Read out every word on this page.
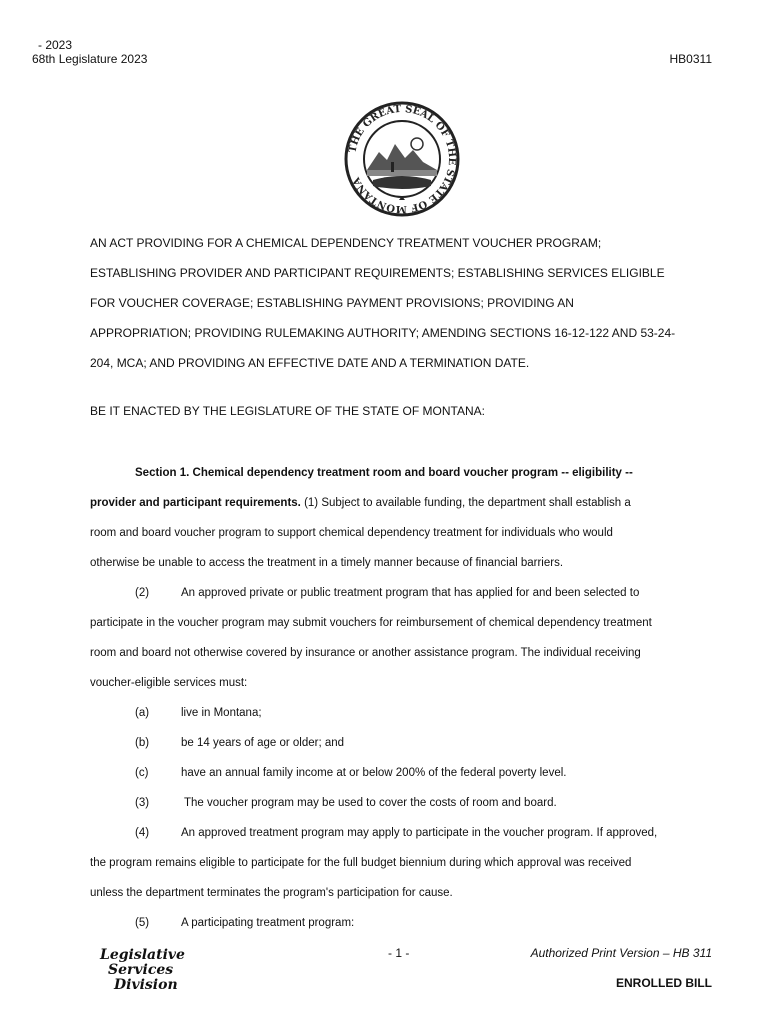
- 2023
68th Legislature 2023	HB0311
THE GREAT SEAL OF THE STATE OF MONTANA
AN ACT PROVIDING FOR A CHEMICAL DEPENDENCY TREATMENT VOUCHER PROGRAM;
ESTABLISHING PROVIDER AND PARTICIPANT REQUIREMENTS; ESTABLISHING SERVICES ELIGIBLE
FOR VOUCHER COVERAGE; ESTABLISHING PAYMENT PROVISIONS; PROVIDING AN
APPROPRIATION; PROVIDING RULEMAKING AUTHORITY; AMENDING SECTIONS 16-12-122 AND 53-24-
204, MCA; AND PROVIDING AN EFFECTIVE DATE AND A TERMINATION DATE.
BE IT ENACTED BY THE LEGISLATURE OF THE STATE OF MONTANA:
Section 1. Chemical dependency treatment room and board voucher program -- eligibility --
provider and participant requirements. (1) Subject to available funding, the department shall establish a
room and board voucher program to support chemical dependency treatment for individuals who would
otherwise be unable to access the treatment in a timely manner because of financial barriers.
(2)	An approved private or public treatment program that has applied for and been selected to
participate in the voucher program may submit vouchers for reimbursement of chemical dependency treatment
room and board not otherwise covered by insurance or another assistance program. The individual receiving
voucher-eligible services must:
(a)	live in Montana;
(b)	be 14 years of age or older; and
(c)	have an annual family income at or below 200% of the federal poverty level.
(3)	The voucher program may be used to cover the costs of room and board.
(4)	An approved treatment program may apply to participate in the voucher program. If approved,
the program remains eligible to participate for the full budget biennium during which approval was received
unless the department terminates the program's participation for cause.
(5)	A participating treatment program:
Legislative
Services
Division
- 1 -	Authorized Print Version – HB 311
ENROLLED BILL
